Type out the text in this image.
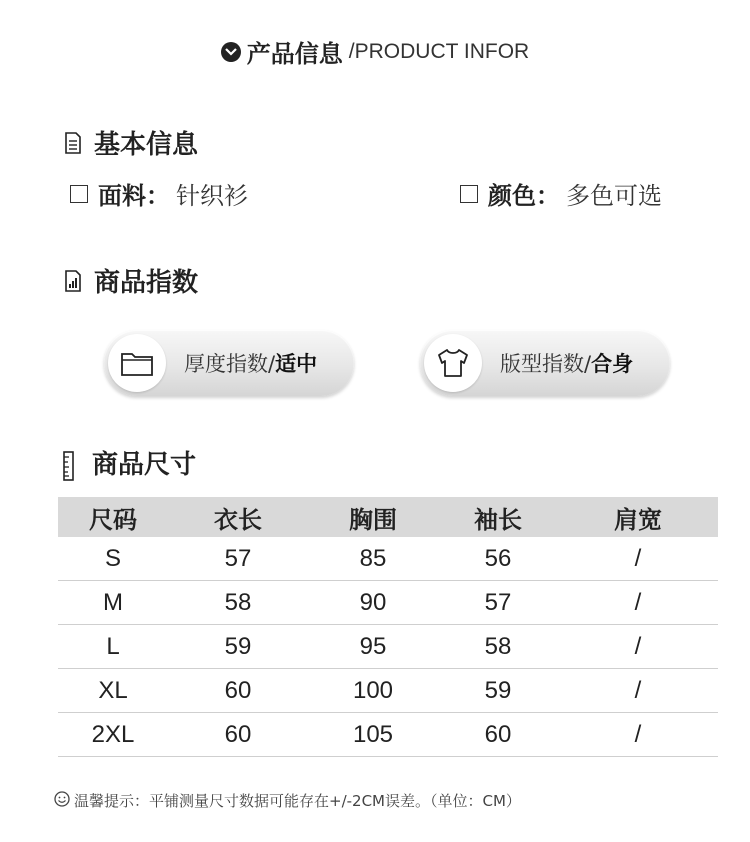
产品信息 /PRODUCT INFOR
基本信息
面料： 针织衫	颜色： 多色可选
商品指数
厚度指数/适中	版型指数/合身
商品尺寸
尺码	衣长	胸围	袖长	肩宽
S	57	85	56	/
M	58	90	57	/
L	59	95	58	/
XL	60	100	59	/
2XL	60	105	60	/
温馨提示：平铺测量尺寸数据可能存在+/-2CM误差。（单位：CM）
